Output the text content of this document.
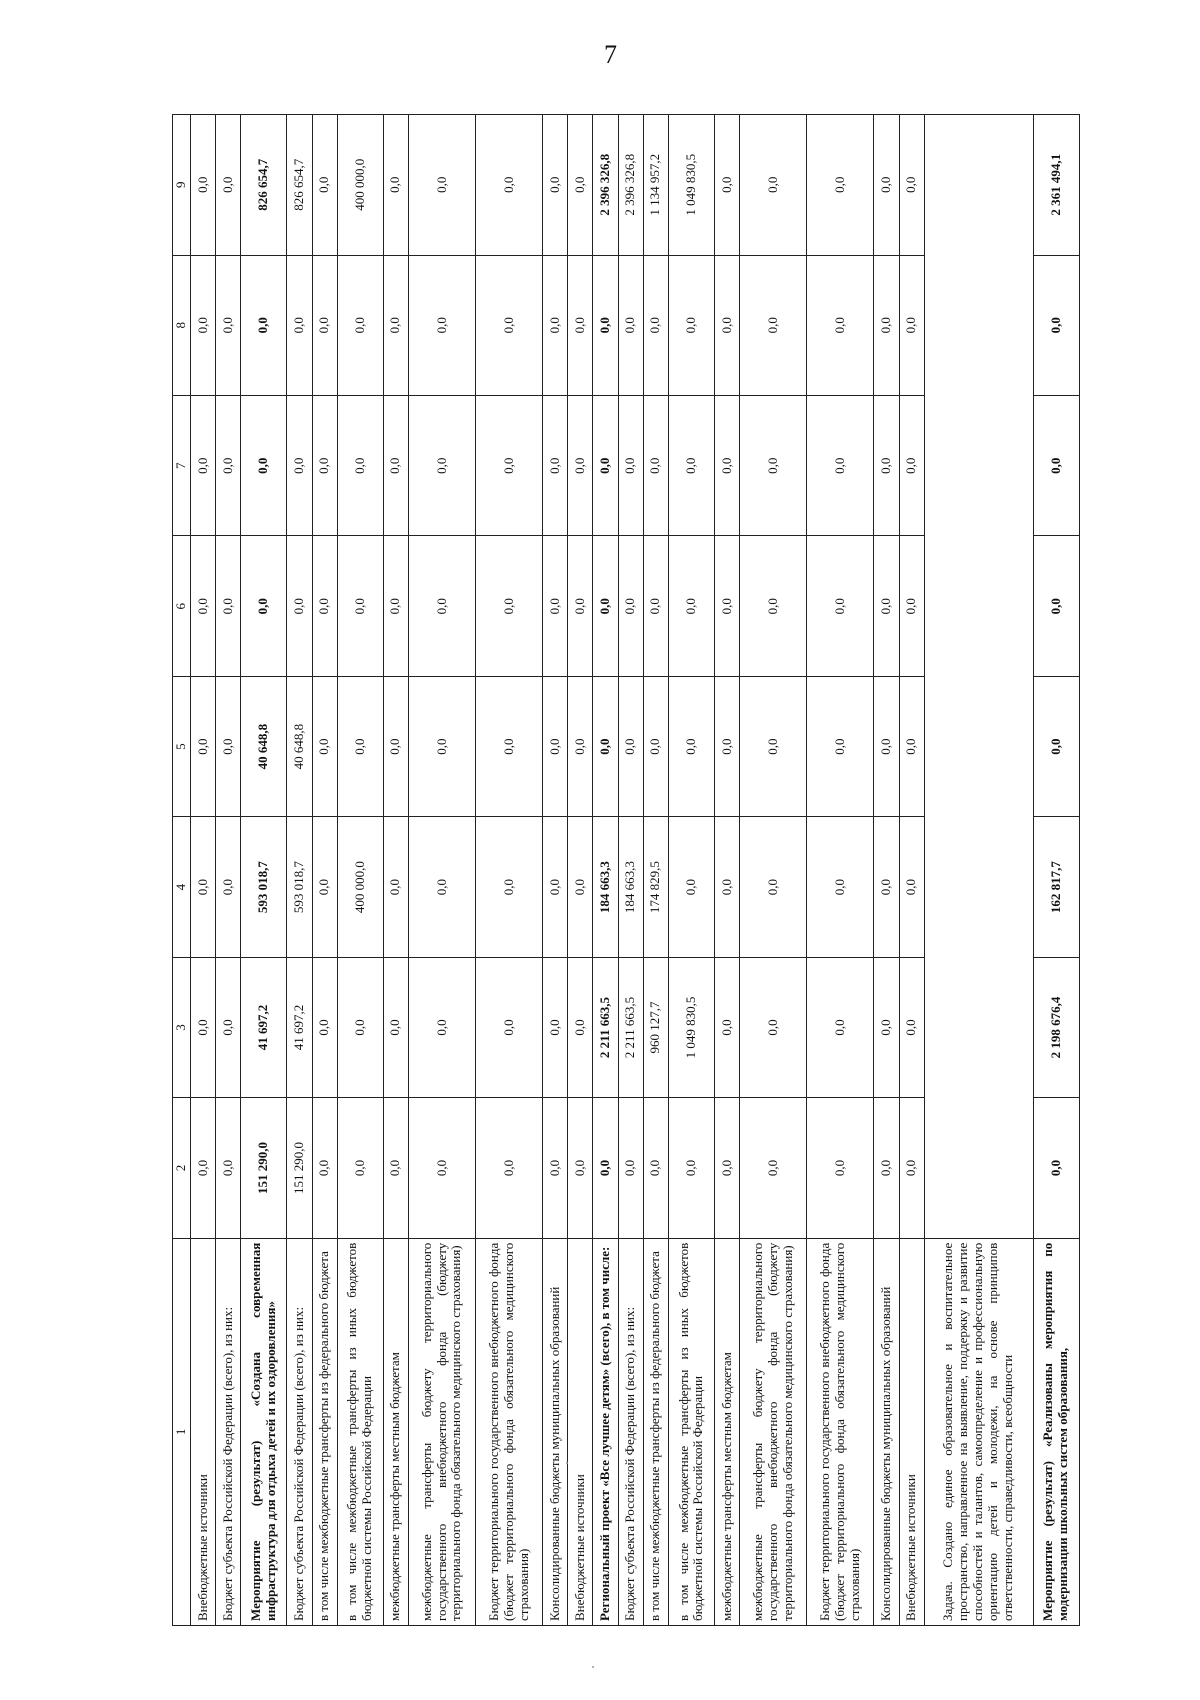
7
1	2	3	4	5	6	7	8	9
Внебюджетные источники	0,0	0,0	0,0	0,0	0,0	0,0	0,0	0,0
Бюджет субъекта Российской Федерации (всего), из них:	0,0	0,0	0,0	0,0	0,0	0,0	0,0	0,0
Мероприятие (результат) «Создана современная инфраструктура для отдыха детей и их оздоровления»	151 290,0	41 697,2	593 018,7	40 648,8	0,0	0,0	0,0	826 654,7
Бюджет субъекта Российской Федерации (всего), из них:	151 290,0	41 697,2	593 018,7	40 648,8	0,0	0,0	0,0	826 654,7
в том числе межбюджетные трансферты из федерального бюджета	0,0	0,0	0,0	0,0	0,0	0,0	0,0	0,0
в том числе межбюджетные трансферты из иных бюджетов бюджетной системы Российской Федерации	0,0	0,0	400 000,0	0,0	0,0	0,0	0,0	400 000,0
межбюджетные трансферты местным бюджетам	0,0	0,0	0,0	0,0	0,0	0,0	0,0	0,0
межбюджетные трансферты бюджету территориального государственного внебюджетного фонда (бюджету территориального фонда обязательного медицинского страхования)	0,0	0,0	0,0	0,0	0,0	0,0	0,0	0,0
Бюджет территориального государственного внебюджетного фонда (бюджет территориального фонда обязательного медицинского страхования)	0,0	0,0	0,0	0,0	0,0	0,0	0,0	0,0
Консолидированные бюджеты муниципальных образований	0,0	0,0	0,0	0,0	0,0	0,0	0,0	0,0
Внебюджетные источники	0,0	0,0	0,0	0,0	0,0	0,0	0,0	0,0
Региональный проект «Все лучшее детям» (всего), в том числе:	0,0	2 211 663,5	184 663,3	0,0	0,0	0,0	0,0	2 396 326,8
Бюджет субъекта Российской Федерации (всего), из них:	0,0	2 211 663,5	184 663,3	0,0	0,0	0,0	0,0	2 396 326,8
в том числе межбюджетные трансферты из федерального бюджета	0,0	960 127,7	174 829,5	0,0	0,0	0,0	0,0	1 134 957,2
в том числе межбюджетные трансферты из иных бюджетов бюджетной системы Российской Федерации	0,0	1 049 830,5	0,0	0,0	0,0	0,0	0,0	1 049 830,5
межбюджетные трансферты местным бюджетам	0,0	0,0	0,0	0,0	0,0	0,0	0,0	0,0
межбюджетные трансферты бюджету территориального государственного внебюджетного фонда (бюджету территориального фонда обязательного медицинского страхования)	0,0	0,0	0,0	0,0	0,0	0,0	0,0	0,0
Бюджет территориального государственного внебюджетного фонда (бюджет территориального фонда обязательного медицинского страхования)	0,0	0,0	0,0	0,0	0,0	0,0	0,0	0,0
Консолидированные бюджеты муниципальных образований	0,0	0,0	0,0	0,0	0,0	0,0	0,0	0,0
Внебюджетные источники	0,0	0,0	0,0	0,0	0,0	0,0	0,0	0,0
Задача. Создано единое образовательное и воспитательное пространство, направленное на выявление, поддержку и развитие способностей и талантов, самоопределение и профессиональную ориентацию детей и молодежи, на основе принципов ответственности, справедливости, всеобщности								
Мероприятие (результат) «Реализованы мероприятия по модернизации школьных систем образования,	0,0	2 198 676,4	162 817,7	0,0	0,0	0,0	0,0	2 361 494,1
